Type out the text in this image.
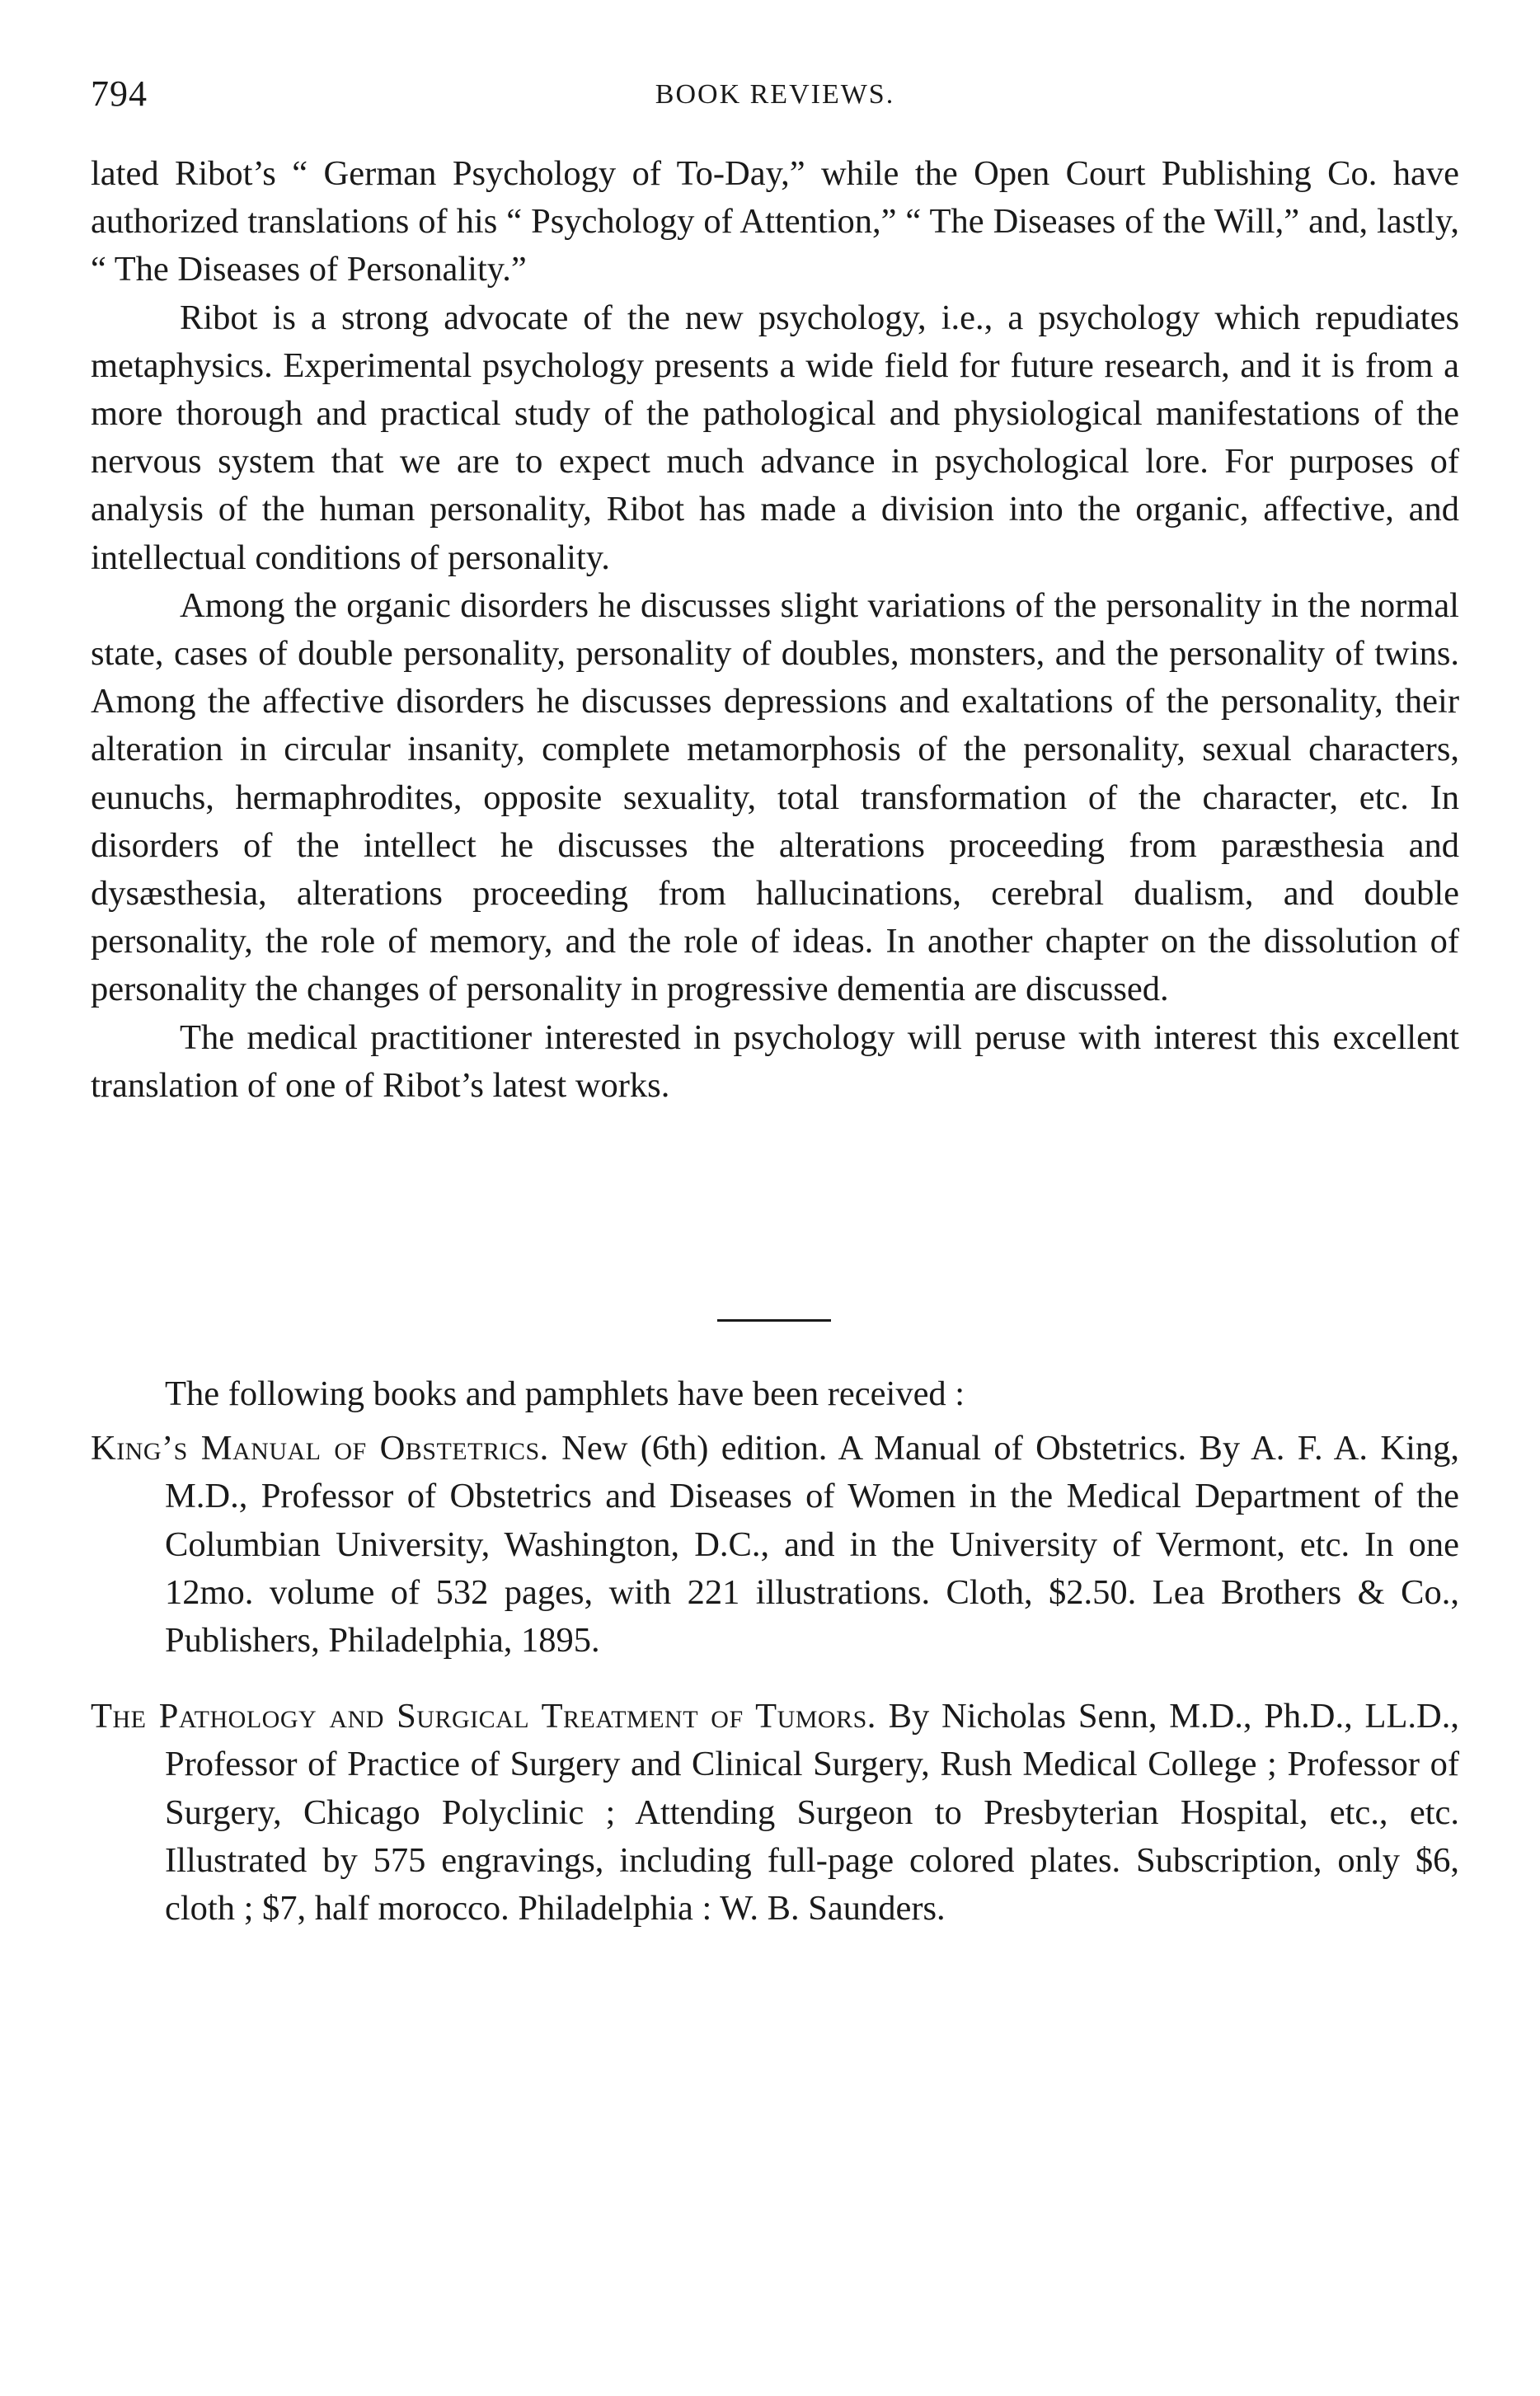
794	BOOK REVIEWS.

lated Ribot’s “ German Psychology of To-Day,” while the Open Court Publishing Co. have authorized translations of his “ Psychology of Attention,” “ The Diseases of the Will,” and, lastly, “ The Diseases of Personality.”

Ribot is a strong advocate of the new psychology, i.e., a psychology which repudiates metaphysics. Experimental psychology presents a wide field for future research, and it is from a more thorough and practical study of the pathological and physiological manifestations of the nervous system that we are to expect much advance in psychological lore. For purposes of analysis of the human personality, Ribot has made a division into the organic, affective, and intellectual conditions of personality.

Among the organic disorders he discusses slight variations of the personality in the normal state, cases of double personality, personality of doubles, monsters, and the personality of twins. Among the affective disorders he discusses depressions and exaltations of the personality, their alteration in circular insanity, complete metamorphosis of the personality, sexual characters, eunuchs, hermaphrodites, opposite sexuality, total transformation of the character, etc. In disorders of the intellect he discusses the alterations proceeding from paræsthesia and dysæsthesia, alterations proceeding from hallucinations, cerebral dualism, and double personality, the role of memory, and the role of ideas. In another chapter on the dissolution of personality the changes of personality in progressive dementia are discussed.

The medical practitioner interested in psychology will peruse with interest this excellent translation of one of Ribot’s latest works.

The following books and pamphlets have been received :

King’s Manual of Obstetrics. New (6th) edition. A Manual of Obstetrics. By A. F. A. King, M.D., Professor of Obstetrics and Diseases of Women in the Medical Department of the Columbian University, Washington, D.C., and in the University of Vermont, etc. In one 12mo. volume of 532 pages, with 221 illustrations. Cloth, $2.50. Lea Brothers & Co., Publishers, Philadelphia, 1895.

The Pathology and Surgical Treatment of Tumors. By Nicholas Senn, M.D., Ph.D., LL.D., Professor of Practice of Surgery and Clinical Surgery, Rush Medical College ; Professor of Surgery, Chicago Polyclinic ; Attending Surgeon to Presbyterian Hospital, etc., etc. Illustrated by 575 engravings, including full-page colored plates. Subscription, only $6, cloth ; $7, half morocco. Philadelphia : W. B. Saunders.
